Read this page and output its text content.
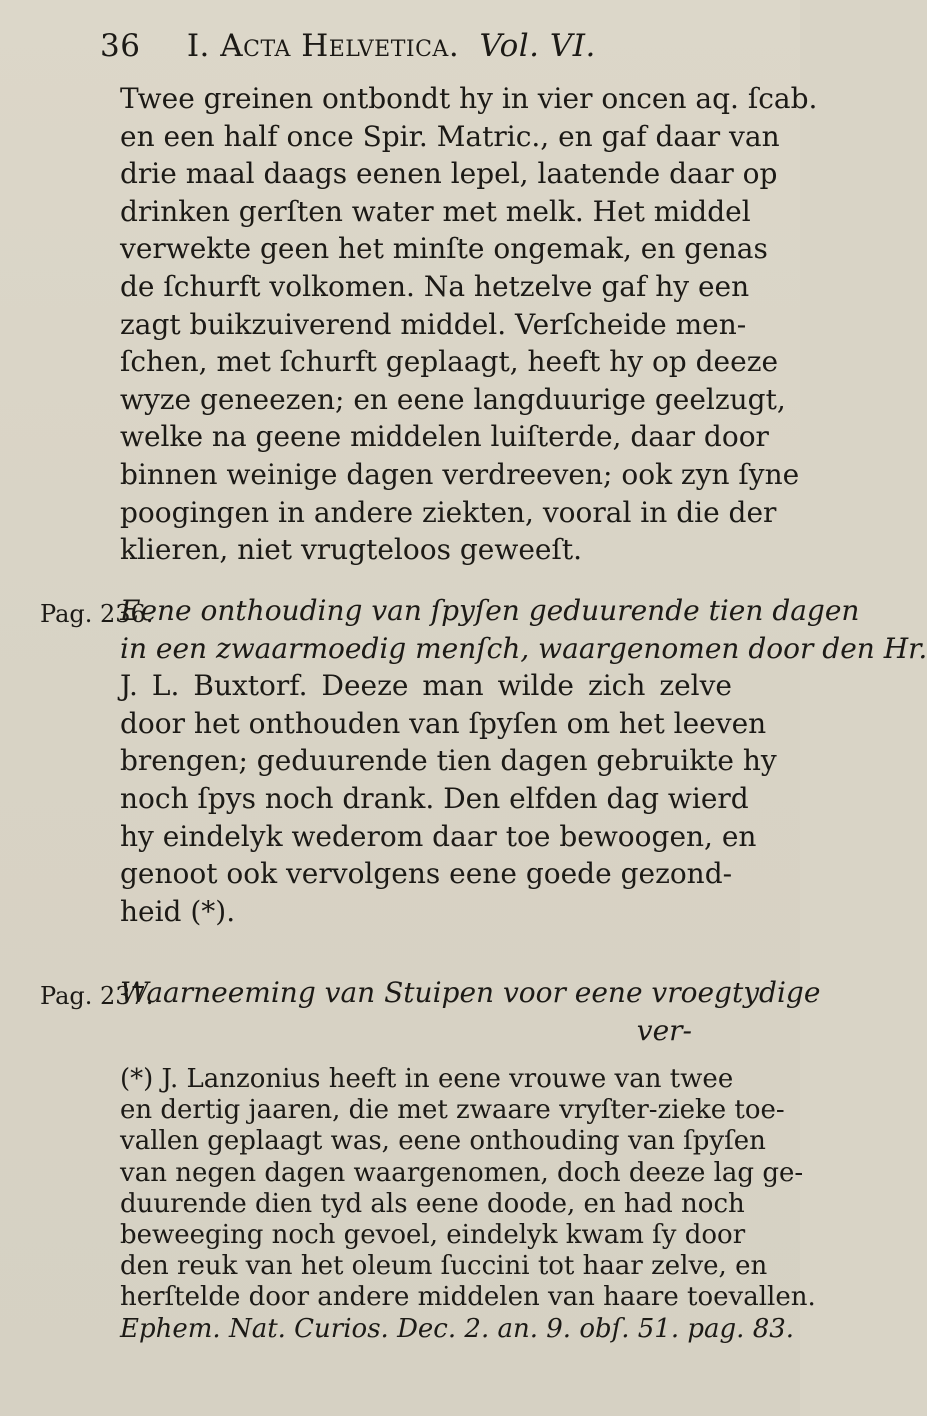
36 I. Acta Helvetica. Vol. VI.
Twee greinen ontbondt hy in vier oncen aq. ſcab.
en een half once Spir. Matric., en gaf daar van
drie maal daags eenen lepel, laatende daar op
drinken gerſten water met melk. Het middel
verwekte geen het minſte ongemak, en genas
de ſchurft volkomen. Na hetzelve gaf hy een
zagt buikzuiverend middel. Verſcheide men-
ſchen, met ſchurft geplaagt, heeft hy op deeze
wyze geneezen; en eene langduurige geelzugt,
welke na geene middelen luiſterde, daar door
binnen weinige dagen verdreeven; ook zyn ſyne
poogingen in andere ziekten, vooral in die der
klieren, niet vrugteloos geweeſt.
Pag. 236.
Eene onthouding van ſpyſen geduurende tien dagen
in een zwaarmoedig menſch, waargenomen door den Hr.
J. L. Buxtorf. Deeze man wilde zich zelve
door het onthouden van ſpyſen om het leeven
brengen; geduurende tien dagen gebruikte hy
noch ſpys noch drank. Den elfden dag wierd
hy eindelyk wederom daar toe bewoogen, en
genoot ook vervolgens eene goede gezond-
heid (*).
Pag. 237.
Waarneeming van Stuipen voor eene vroegtydige
ver-
(*) J. Lanzonius heeft in eene vrouwe van twee
en dertig jaaren, die met zwaare vryſter-zieke toe-
vallen geplaagt was, eene onthouding van ſpyſen
van negen dagen waargenomen, doch deeze lag ge-
duurende dien tyd als eene doode, en had noch
beweeging noch gevoel, eindelyk kwam ſy door
den reuk van het oleum ſuccini tot haar zelve, en
herſtelde door andere middelen van haare toevallen.
Ephem. Nat. Curios. Dec. 2. an. 9. obſ. 51. pag. 83.
